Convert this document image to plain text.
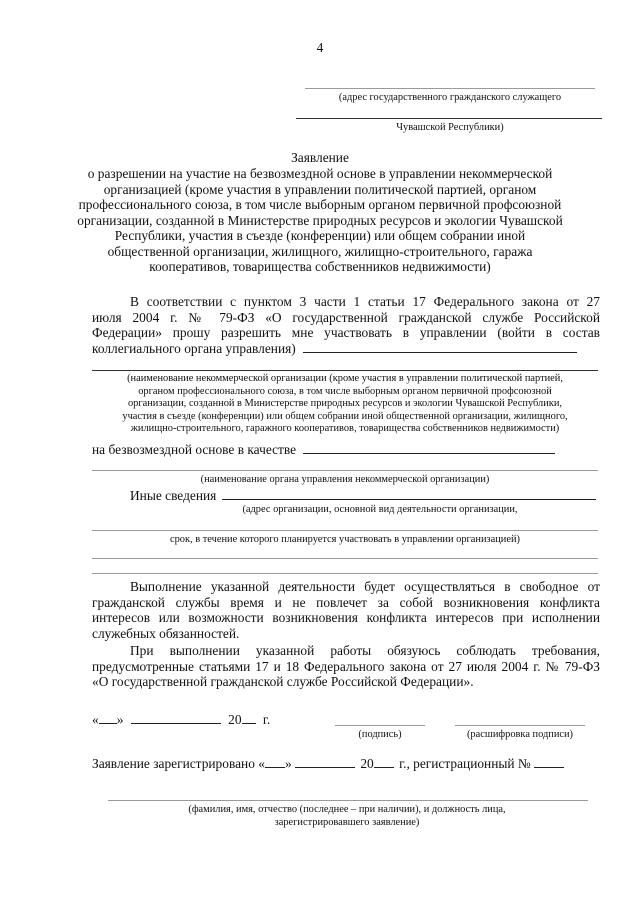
4
(адрес государственного гражданского служащего
Чувашской Республики)
Заявление
о разрешении на участие на безвозмездной основе в управлении некоммерческой
организацией (кроме участия в управлении политической партией, органом
профессионального союза, в том числе выборным органом первичной профсоюзной
организации, созданной в Министерстве природных ресурсов и экологии Чувашской
Республики, участия в съезде (конференции) или общем собрании иной
общественной организации, жилищного, жилищно-строительного, гаража
кооперативов, товарищества собственников недвижимости)
В соответствии с пунктом 3 части 1 статьи 17 Федерального закона от 27
июля 2004 г. № 79-ФЗ «О государственной гражданской службе Российской
Федерации» прошу разрешить мне участвовать в управлении (войти в состав
коллегиального органа управления)
(наименование некоммерческой организации (кроме участия в управлении политической партией,
органом профессионального союза, в том числе выборным органом первичной профсоюзной
организации, созданной в Министерстве природных ресурсов и экологии Чувашской Республики,
участия в съезде (конференции) или общем собрании иной общественной организации, жилищного,
жилищно-строительного, гаражного кооперативов, товарищества собственников недвижимости)
на безвозмездной основе в качестве
(наименование органа управления некоммерческой организации)
Иные сведения
(адрес организации, основной вид деятельности организации,
срок, в течение которого планируется участвовать в управлении организацией)
Выполнение указанной деятельности будет осуществляться в свободное от
гражданской службы время и не повлечет за собой возникновения конфликта
интересов или возможности возникновения конфликта интересов при исполнении
служебных обязанностей.
При выполнении указанной работы обязуюсь соблюдать требования,
предусмотренные статьями 17 и 18 Федерального закона от 27 июля 2004 г. № 79-ФЗ
«О государственной гражданской службе Российской Федерации».
« »	20 г.
(подпись)	(расшифровка подписи)
Заявление зарегистрировано « »	20 г., регистрационный №
(фамилия, имя, отчество (последнее – при наличии), и должность лица,
зарегистрировавшего заявление)
